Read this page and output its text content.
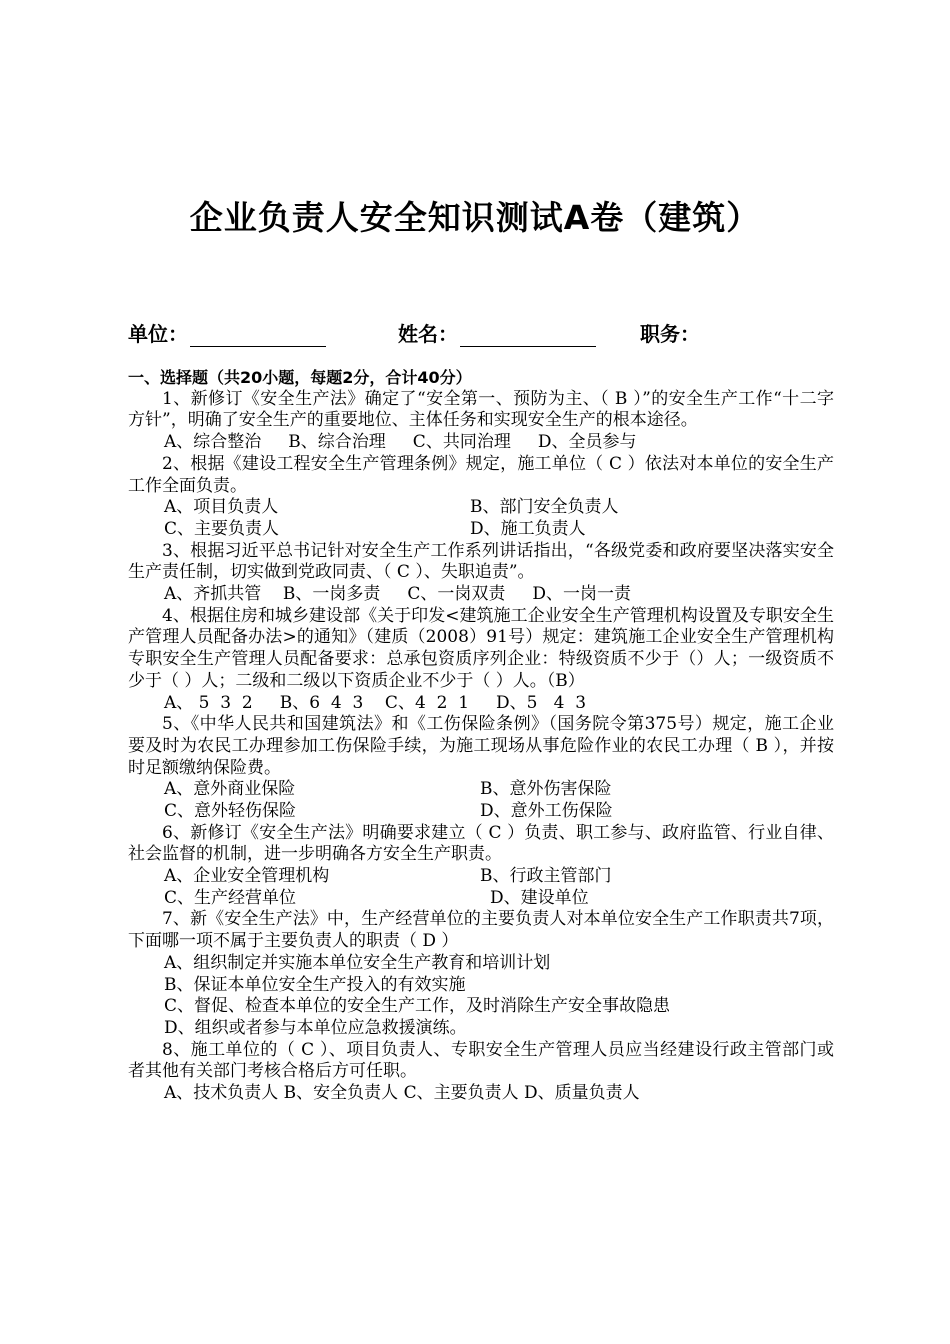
企业负责人安全知识测试A卷（建筑）
单位：	姓名：	职务：

一、选择题（共20小题，每题2分，合计40分）

1、新修订《安全生产法》确定了“安全第一、预防为主、（ B ）”的安全生产工作“十二字方针”，明确了安全生产的重要地位、主体任务和实现安全生产的根本途径。

A、综合整治     B、综合治理     C、共同治理     D、全员参与

2、根据《建设工程安全生产管理条例》规定，施工单位（ C ）依法对本单位的安全生产工作全面负责。

A、项目负责人	B、部门安全负责人
C、主要负责人	D、施工负责人

3、根据习近平总书记针对安全生产工作系列讲话指出，“各级党委和政府要坚决落实安全生产责任制，切实做到党政同责、（ C ）、失职追责”。

A、齐抓共管    B、一岗多责     C、一岗双责     D、一岗一责

4、根据住房和城乡建设部《关于印发<建筑施工企业安全生产管理机构设置及专职安全生产管理人员配备办法>的通知》（建质（2008）91号）规定：建筑施工企业安全生产管理机构专职安全生产管理人员配备要求：总承包资质序列企业：特级资质不少于（）人；一级资质不少于（ ）人；二级和二级以下资质企业不少于（ ）人。（B）

A、 5  3  2     B、6  4  3    C、4  2  1     D、5   4  3

5、《中华人民共和国建筑法》和《工伤保险条例》（国务院令第375号）规定，施工企业要及时为农民工办理参加工伤保险手续，为施工现场从事危险作业的农民工办理（ B ），并按时足额缴纳保险费。

A、意外商业保险	B、意外伤害保险
C、意外轻伤保险	D、意外工伤保险

6、新修订《安全生产法》明确要求建立（ C ）负责、职工参与、政府监管、行业自律、社会监督的机制，进一步明确各方安全生产职责。

A、企业安全管理机构	B、行政主管部门
C、生产经营单位	D、建设单位

7、新《安全生产法》中，生产经营单位的主要负责人对本单位安全生产工作职责共7项，下面哪一项不属于主要负责人的职责（ D ）

A、组织制定并实施本单位安全生产教育和培训计划

B、保证本单位安全生产投入的有效实施

C、督促、检查本单位的安全生产工作，及时消除生产安全事故隐患

D、组织或者参与本单位应急救援演练。

8、施工单位的（ C ）、项目负责人、专职安全生产管理人员应当经建设行政主管部门或者其他有关部门考核合格后方可任职。

A、技术负责人 B、安全负责人 C、主要负责人 D、质量负责人
